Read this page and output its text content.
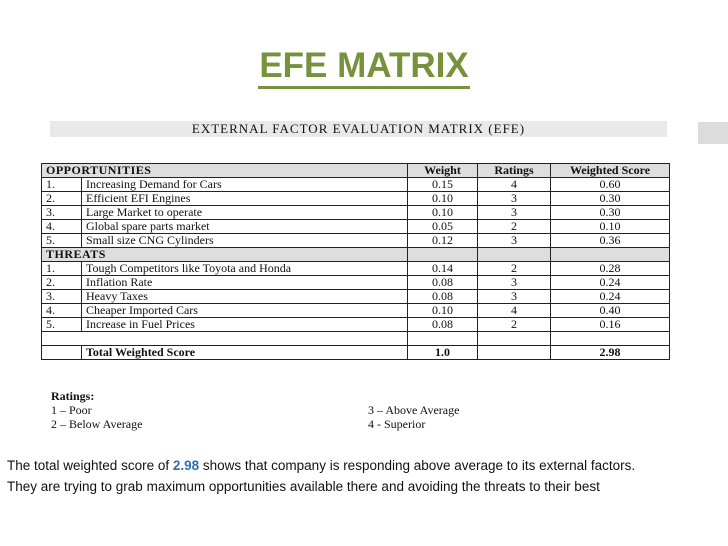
EFE MATRIX
EXTERNAL FACTOR EVALUATION MATRIX (EFE)
OPPORTUNITIES		Weight	Ratings	Weighted Score
1.	Increasing Demand for Cars	0.15	4	0.60
2.	Efficient EFI Engines	0.10	3	0.30
3.	Large Market to operate	0.10	3	0.30
4.	Global spare parts market	0.05	2	0.10
5.	Small size CNG Cylinders	0.12	3	0.36
THREATS				
1.	Tough Competitors like Toyota and Honda	0.14	2	0.28
2.	Inflation Rate	0.08	3	0.24
3.	Heavy Taxes	0.08	3	0.24
4.	Cheaper Imported Cars	0.10	4	0.40
5.	Increase in Fuel Prices	0.08	2	0.16

	Total Weighted Score	1.0		2.98
Ratings:
1 – Poor	3 – Above Average
2 – Below Average	4 - Superior
The total weighted score of 2.98 shows that company is responding above average to its external factors.
They are trying to grab maximum opportunities available there and avoiding the threats to their best
